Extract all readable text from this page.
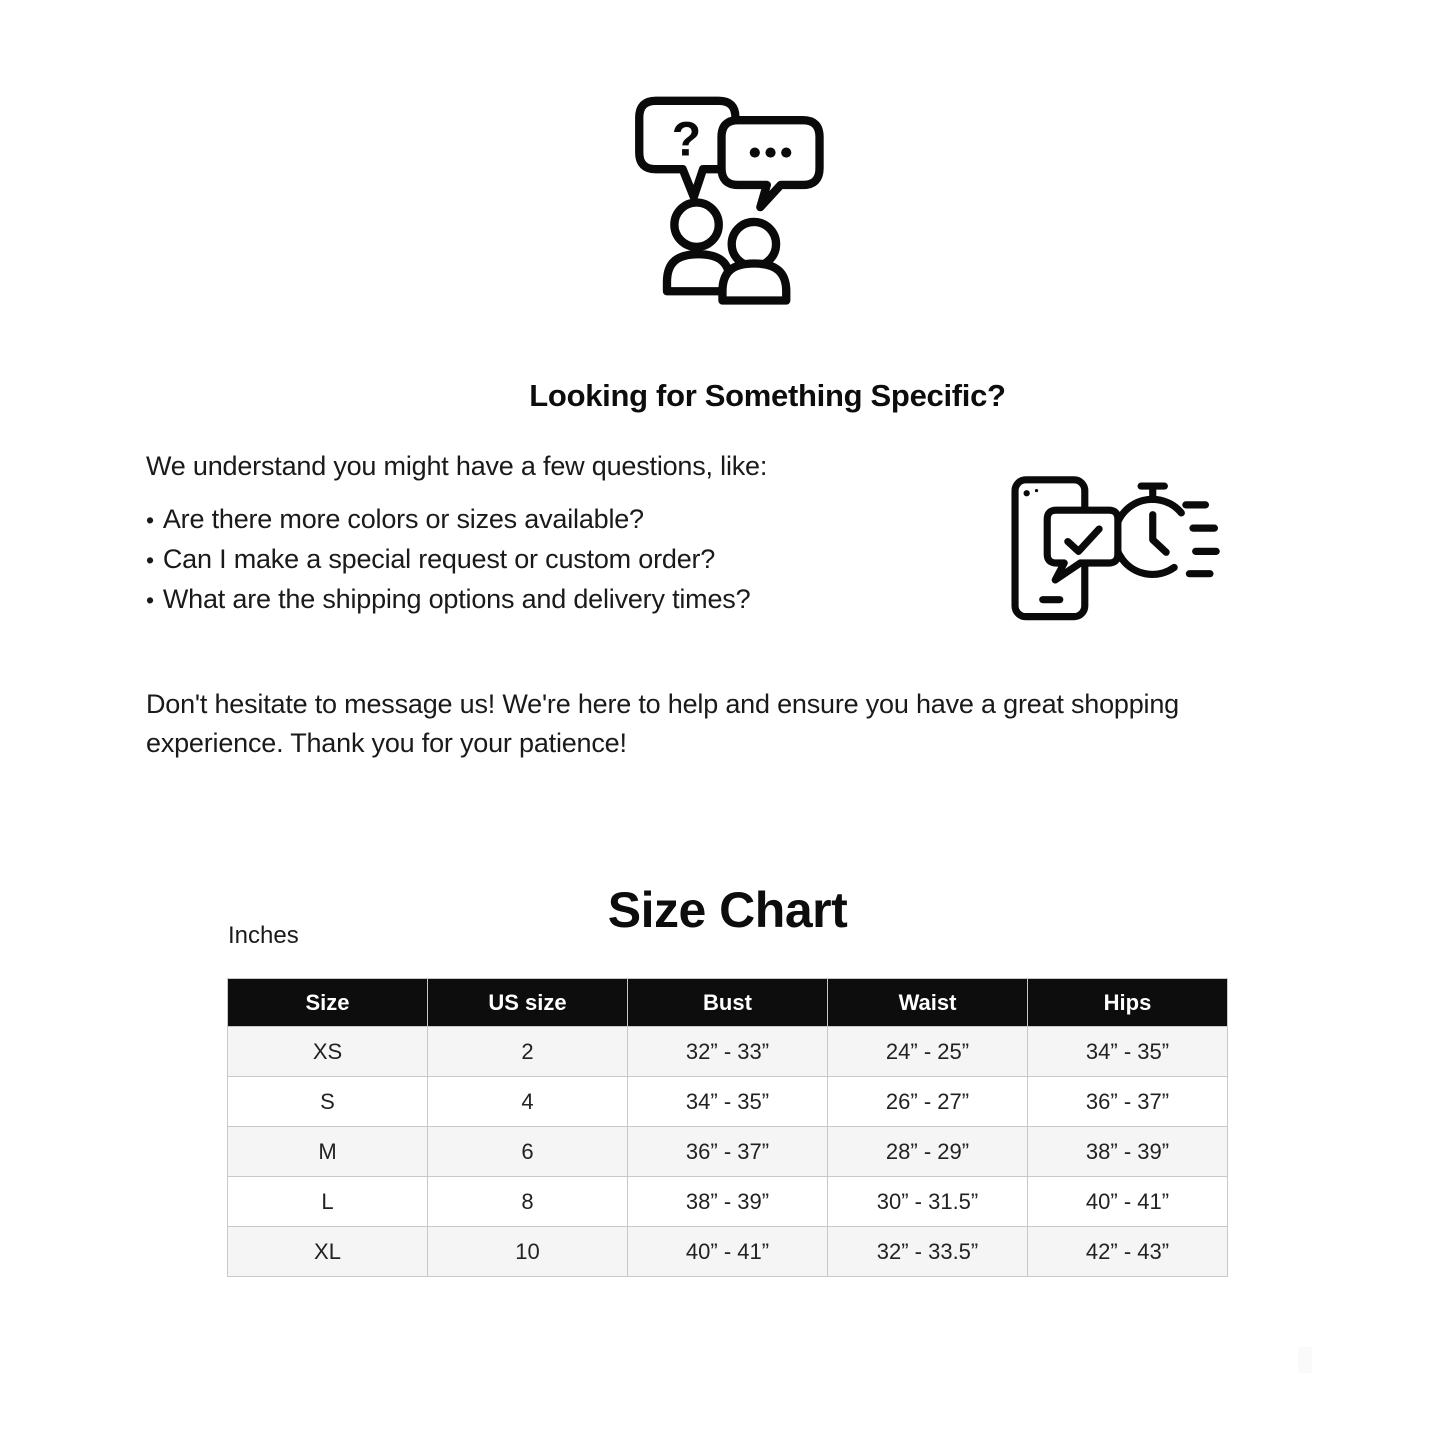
?
Looking for Something Specific?

We understand you might have a few questions, like:

• Are there more colors or sizes available?
• Can I make a special request or custom order?
• What are the shipping options and delivery times?

Don't hesitate to message us! We're here to help and ensure you have a great shopping
experience. Thank you for your patience!

Size Chart
Inches
Size	US size	Bust	Waist	Hips
XS	2	32” - 33”	24” - 25”	34” - 35”
S	4	34” - 35”	26” - 27”	36” - 37”
M	6	36” - 37”	28” - 29”	38” - 39”
L	8	38” - 39”	30” - 31.5”	40” - 41”
XL	10	40” - 41”	32” - 33.5”	42” - 43”
